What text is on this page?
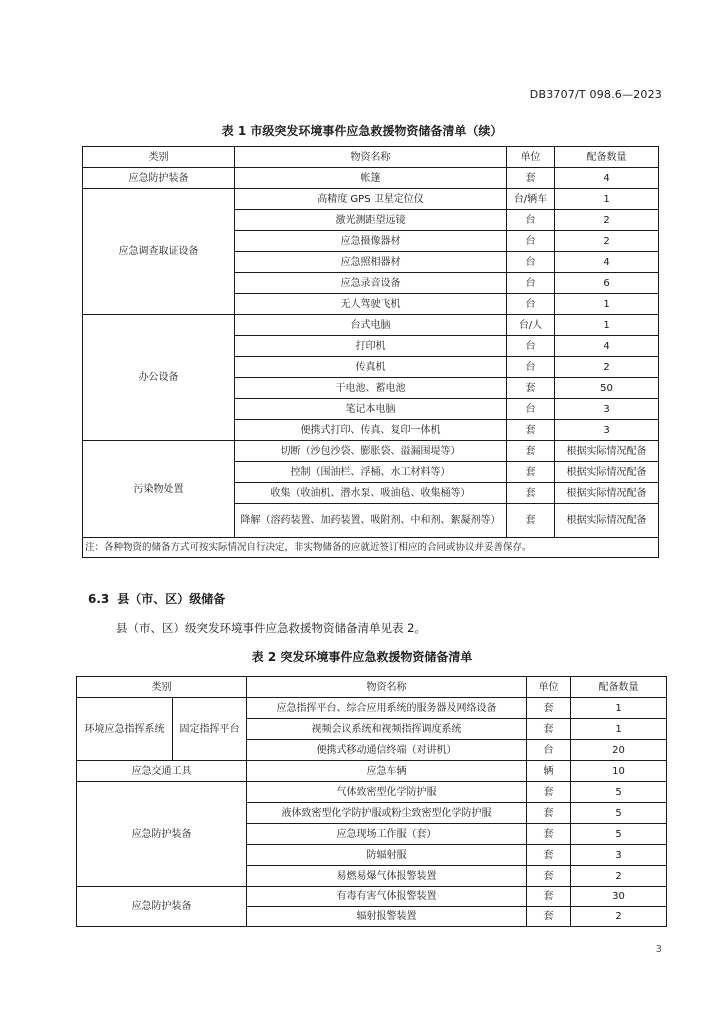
DB3707/T 098.6—2023
表 1 市级突发环境事件应急救援物资储备清单（续）
类别	物资名称	单位	配备数量
应急防护装备	帐篷	套	4
应急调查取证设备	高精度 GPS 卫星定位仪	台/辆车	1
	激光测距望远镜	台	2
	应急摄像器材	台	2
	应急照相器材	台	4
	应急录音设备	台	6
	无人驾驶飞机	台	1
办公设备	台式电脑	台/人	1
	打印机	台	4
	传真机	台	2
	干电池、蓄电池	套	50
	笔记本电脑	台	3
	便携式打印、传真、复印一体机	套	3
污染物处置	切断（沙包沙袋、膨胀袋、溢漏围堤等）	套	根据实际情况配备
	控制（围油栏、浮桶、水工材料等）	套	根据实际情况配备
	收集（收油机、潜水泵、吸油毡、收集桶等）	套	根据实际情况配备
	降解（溶药装置、加药装置、吸附剂、中和剂、絮凝剂等）	套	根据实际情况配备
注：各种物资的储备方式可按实际情况自行决定，非实物储备的应就近签订相应的合同或协议并妥善保存。			
6.3 县（市、区）级储备
县（市、区）级突发环境事件应急救援物资储备清单见表 2。
表 2 突发环境事件应急救援物资储备清单
类别		物资名称	单位	配备数量
环境应急指挥系统	固定指挥平台	应急指挥平台、综合应用系统的服务器及网络设备	套	1
		视频会议系统和视频指挥调度系统	套	1
		便携式移动通信终端（对讲机）	台	20
应急交通工具		应急车辆	辆	10
应急防护装备		气体致密型化学防护服	套	5
		液体致密型化学防护服或粉尘致密型化学防护服	套	5
		应急现场工作服（套）	套	5
		防辐射服	套	3
		易燃易爆气体报警装置	套	2
应急防护装备		有毒有害气体报警装置	套	30
		辐射报警装置	套	2
3
